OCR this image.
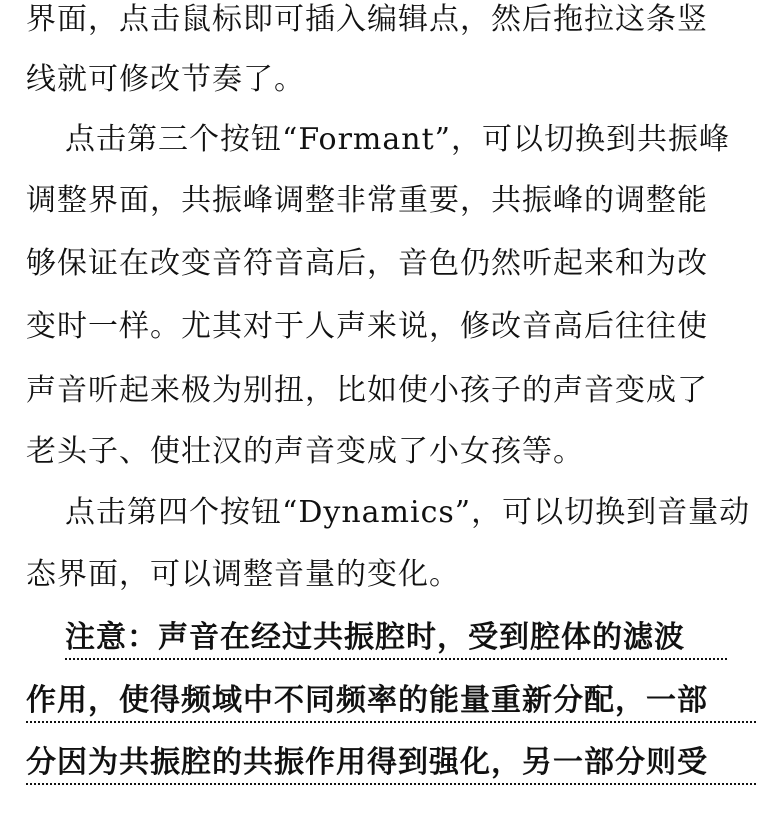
界面，点击鼠标即可插入编辑点，然后拖拉这条竖
线就可修改节奏了。
点击第三个按钮“Formant”，可以切换到共振峰
调整界面，共振峰调整非常重要，共振峰的调整能
够保证在改变音符音高后，音色仍然听起来和为改
变时一样。尤其对于人声来说，修改音高后往往使
声音听起来极为别扭，比如使小孩子的声音变成了
老头子、使壮汉的声音变成了小女孩等。
点击第四个按钮“Dynamics”，可以切换到音量动
态界面，可以调整音量的变化。
注意：声音在经过共振腔时，受到腔体的滤波
作用，使得频域中不同频率的能量重新分配，一部
分因为共振腔的共振作用得到强化，另一部分则受
